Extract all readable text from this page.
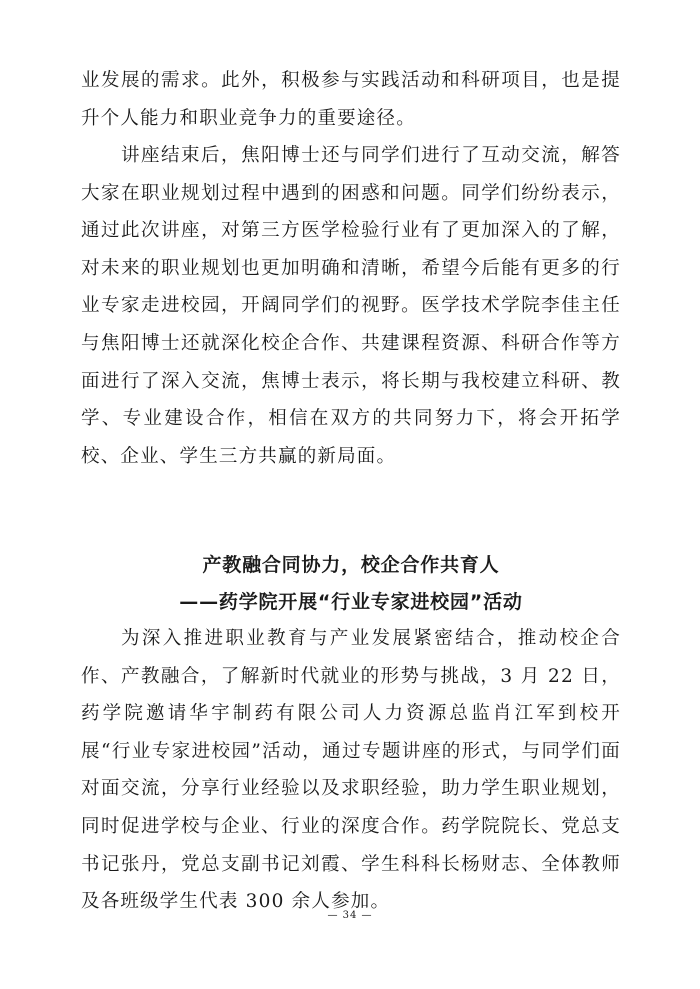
业发展的需求。此外，积极参与实践活动和科研项目，也是提升个人能力和职业竞争力的重要途径。

讲座结束后，焦阳博士还与同学们进行了互动交流，解答大家在职业规划过程中遇到的困惑和问题。同学们纷纷表示，通过此次讲座，对第三方医学检验行业有了更加深入的了解，对未来的职业规划也更加明确和清晰，希望今后能有更多的行业专家走进校园，开阔同学们的视野。医学技术学院李佳主任与焦阳博士还就深化校企合作、共建课程资源、科研合作等方面进行了深入交流，焦博士表示，将长期与我校建立科研、教学、专业建设合作，相信在双方的共同努力下，将会开拓学校、企业、学生三方共赢的新局面。

产教融合同协力，校企合作共育人
——药学院开展“行业专家进校园”活动

为深入推进职业教育与产业发展紧密结合，推动校企合作、产教融合，了解新时代就业的形势与挑战，3 月 22 日，药学院邀请华宇制药有限公司人力资源总监肖江军到校开展“行业专家进校园”活动，通过专题讲座的形式，与同学们面对面交流，分享行业经验以及求职经验，助力学生职业规划，同时促进学校与企业、行业的深度合作。药学院院长、党总支书记张丹，党总支副书记刘霞、学生科科长杨财志、全体教师及各班级学生代表 300 余人参加。

— 34 —
